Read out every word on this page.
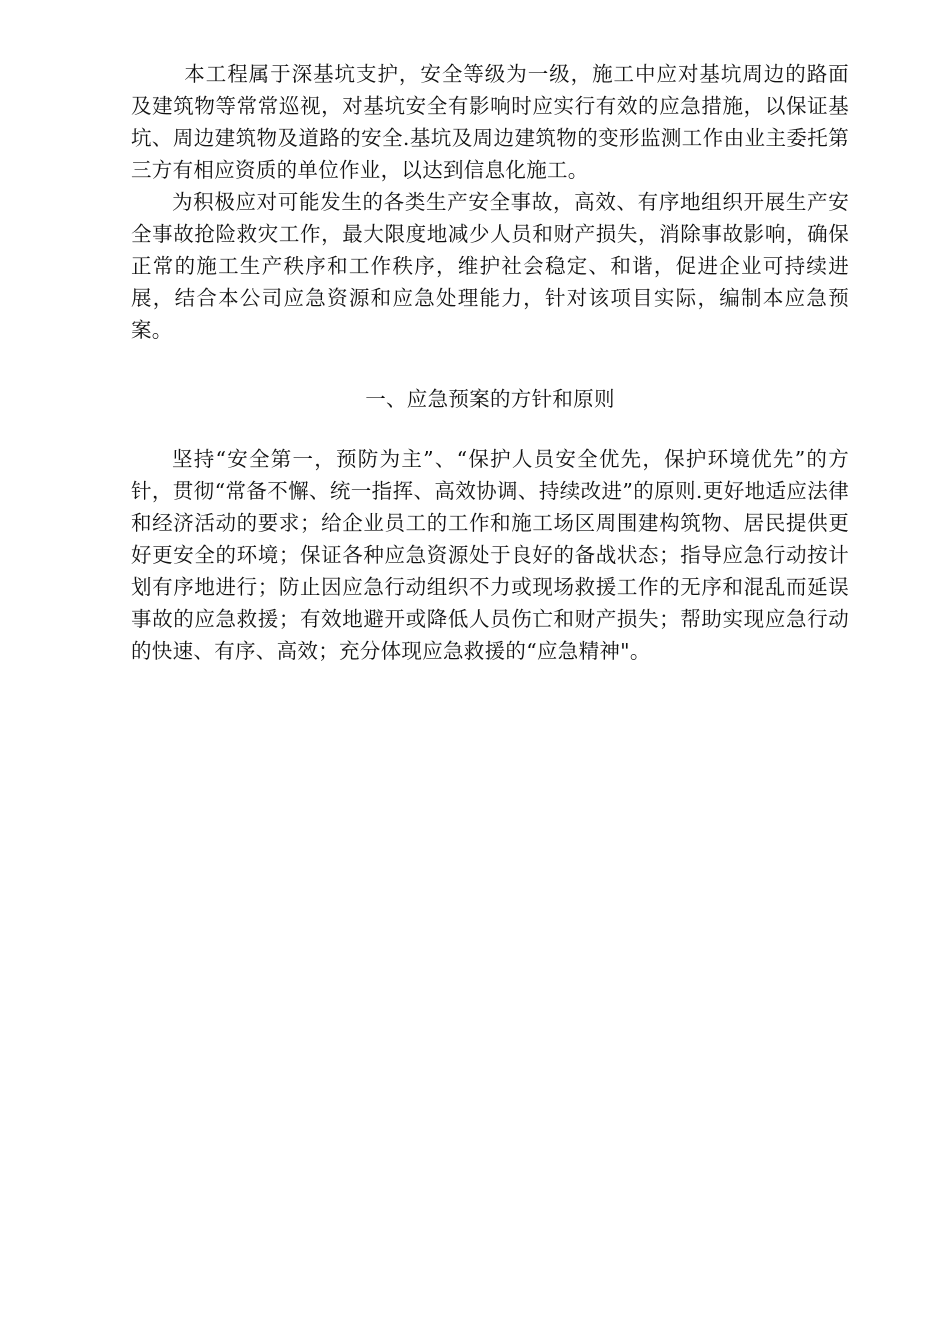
本工程属于深基坑支护，安全等级为一级，施工中应对基坑周边的路面及建筑物等常常巡视，对基坑安全有影响时应实行有效的应急措施，以保证基坑、周边建筑物及道路的安全.基坑及周边建筑物的变形监测工作由业主委托第三方有相应资质的单位作业，以达到信息化施工。

为积极应对可能发生的各类生产安全事故，高效、有序地组织开展生产安全事故抢险救灾工作，最大限度地减少人员和财产损失，消除事故影响，确保正常的施工生产秩序和工作秩序，维护社会稳定、和谐，促进企业可持续进展，结合本公司应急资源和应急处理能力，针对该项目实际，编制本应急预案。

一、应急预案的方针和原则

坚持“安全第一，预防为主”、“保护人员安全优先，保护环境优先”的方针，贯彻“常备不懈、统一指挥、高效协调、持续改进”的原则.更好地适应法律和经济活动的要求；给企业员工的工作和施工场区周围建构筑物、居民提供更好更安全的环境；保证各种应急资源处于良好的备战状态；指导应急行动按计划有序地进行；防止因应急行动组织不力或现场救援工作的无序和混乱而延误事故的应急救援；有效地避开或降低人员伤亡和财产损失；帮助实现应急行动的快速、有序、高效；充分体现应急救援的“应急精神"。
